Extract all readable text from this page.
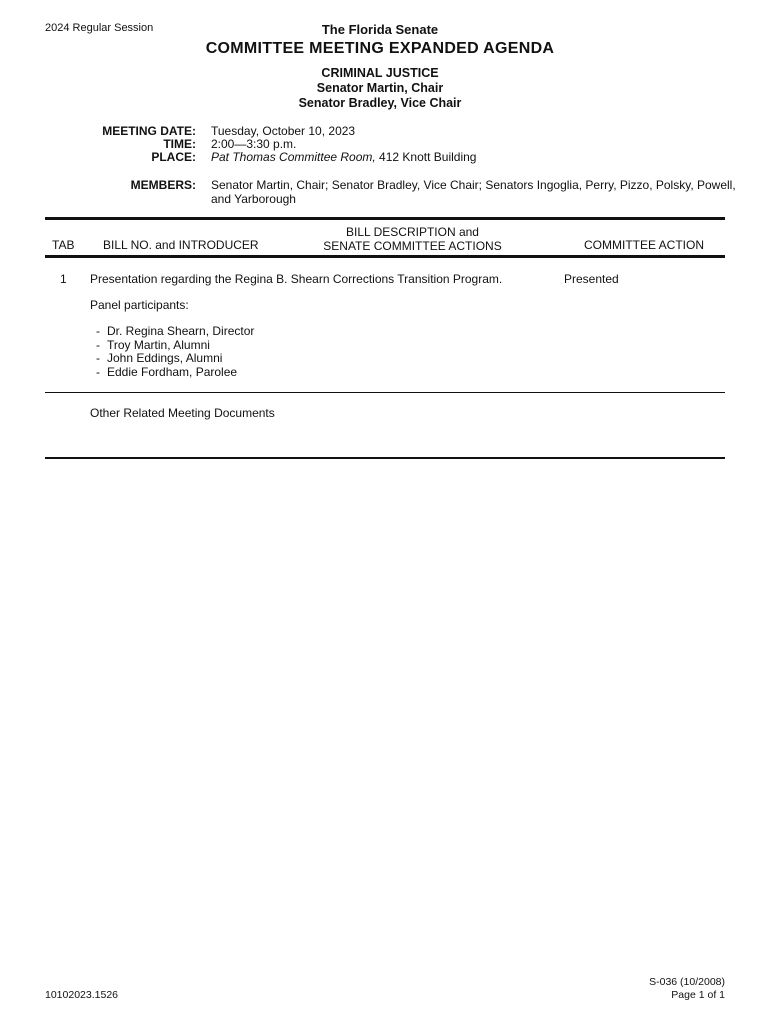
2024 Regular Session	The Florida Senate
COMMITTEE MEETING EXPANDED AGENDA
CRIMINAL JUSTICE
Senator Martin, Chair
Senator Bradley, Vice Chair
MEETING DATE: Tuesday, October 10, 2023
TIME: 2:00—3:30 p.m.
PLACE: Pat Thomas Committee Room, 412 Knott Building
MEMBERS: Senator Martin, Chair; Senator Bradley, Vice Chair; Senators Ingoglia, Perry, Pizzo, Polsky, Powell,
and Yarborough
TAB BILL NO. and INTRODUCER
BILL DESCRIPTION and
SENATE COMMITTEE ACTIONS	COMMITTEE ACTION
1 Presentation regarding the Regina B. Shearn Corrections Transition Program.	Presented
Panel participants:
- Dr. Regina Shearn, Director
- Troy Martin, Alumni
- John Eddings, Alumni
- Eddie Fordham, Parolee
Other Related Meeting Documents
10102023.1526
S-036 (10/2008)
Page 1 of 1
